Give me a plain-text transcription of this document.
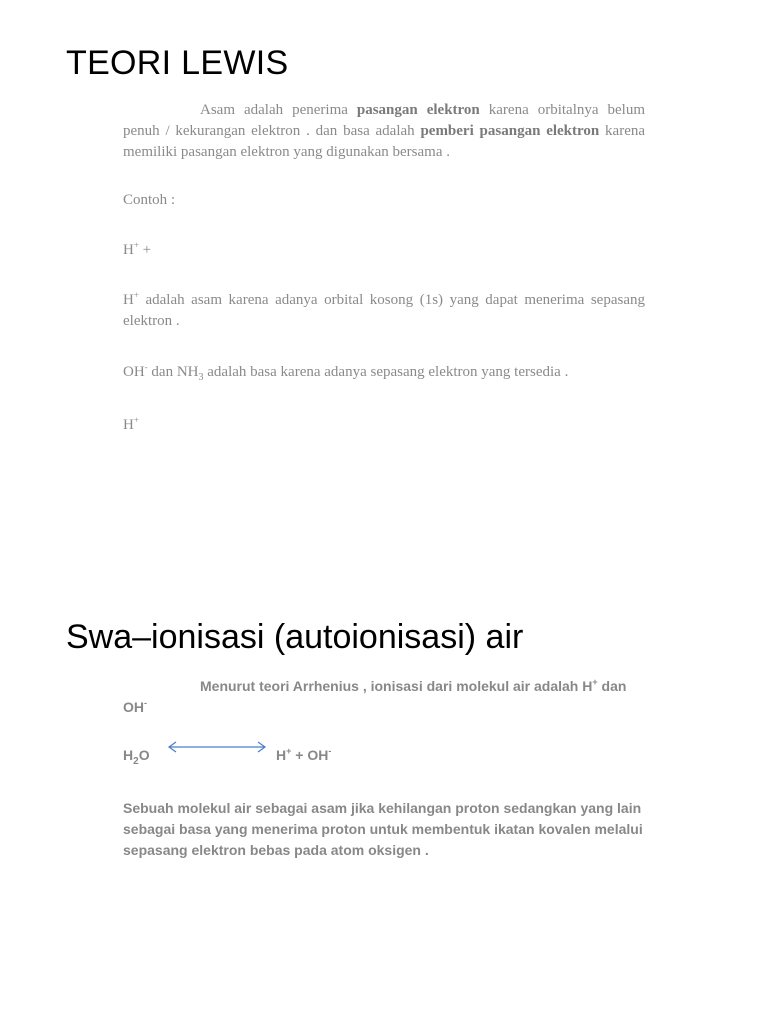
TEORI LEWIS
Asam adalah penerima pasangan elektron karena orbitalnya belum penuh / kekurangan elektron . dan basa adalah pemberi pasangan elektron karena memiliki pasangan elektron yang digunakan bersama .
Contoh :
H+ +
H+ adalah asam karena adanya orbital kosong (1s) yang dapat menerima sepasang elektron .
OH- dan $NH_3$ adalah basa karena adanya sepasang elektron yang tersedia .
H+
Swa–ionisasi (autoionisasi) air
Menurut teori Arrhenius , ionisasi dari molekul air adalah H+ dan OH-
$H_2O$	H+ + OH-
Sebuah molekul air sebagai asam jika kehilangan proton sedangkan yang lain sebagai basa yang menerima proton untuk membentuk ikatan kovalen melalui sepasang elektron bebas pada atom oksigen .
